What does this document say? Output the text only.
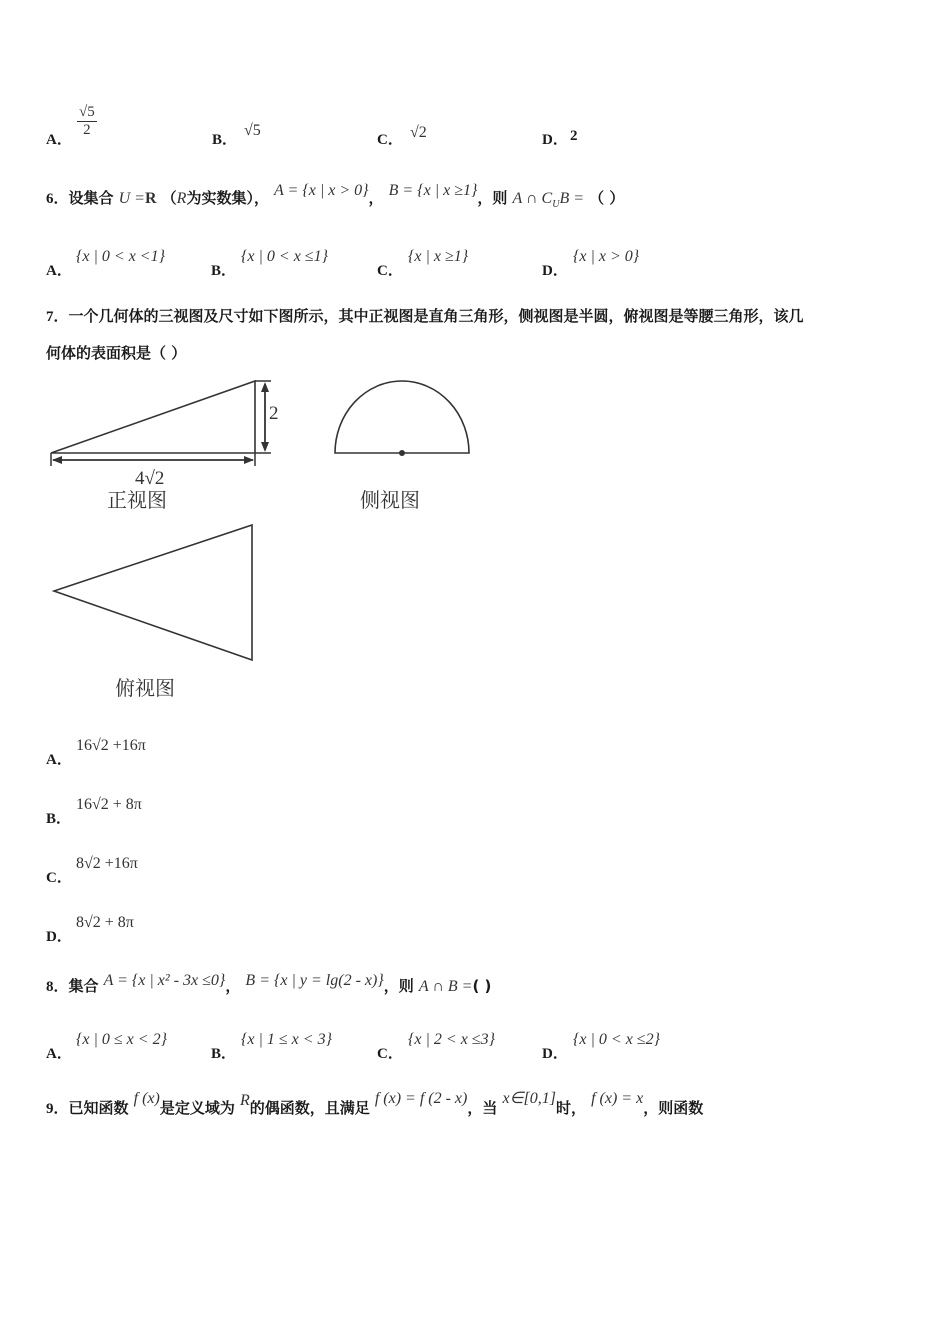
A．
$\frac{√5}{2}$
B．
√5
C． √2	D． 2
6．设集合 U =R （R为实数集）， A = {x | x > 0}， B = {x | x ≥1}，则 A ∩ $C_UB$ = （ ）
A．
{x | 0 < x <1}
B．
{x | 0 < x ≤1}
C．
{x | x ≥1}
D．
{x | x > 0}
7．一个几何体的三视图及尺寸如下图所示，其中正视图是直角三角形，侧视图是半圆，俯视图是等腰三角形，该几
何体的表面积是（ ）
2
4√2
正视图	侧视图
俯视图
A．
16√2 +16π
B．
16√2 + 8π
C．
8√2 +16π
D．
8√2 + 8π
8．集合 A = {x | x² - 3x ≤0}， B = {x | y = lg(2 - x)}，则 A ∩ B =( )
A．
{x | 0 ≤ x < 2}
B．
{x | 1 ≤ x < 3}
C．
{x | 2 < x ≤3}
D．
{x | 0 < x ≤2}
9．已知函数 f (x)是定义域为 R的偶函数，且满足 f (x) = f (2 - x)，当 x∈[0,1]时， f (x) = x，则函数
